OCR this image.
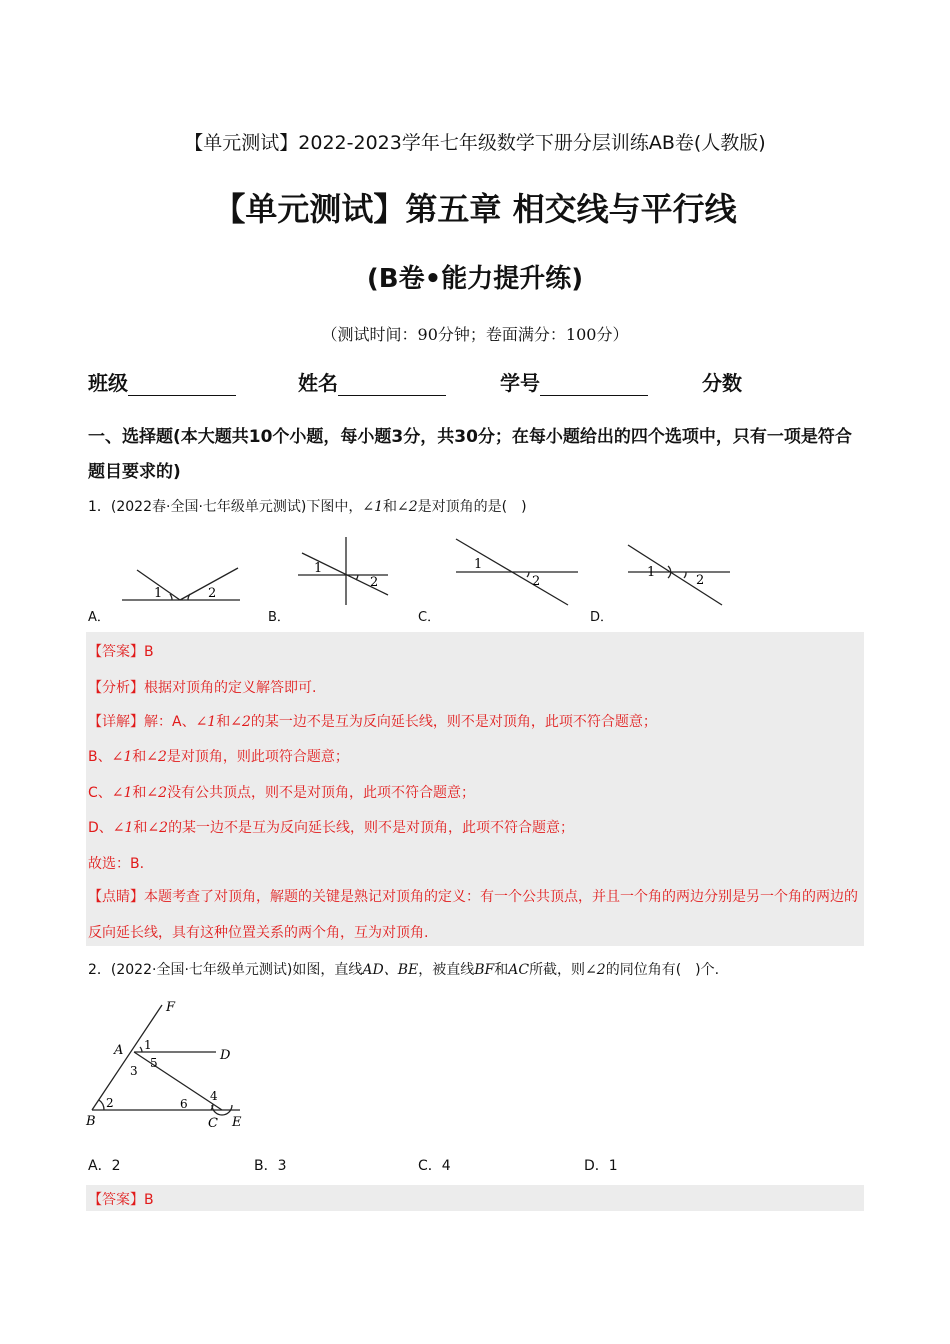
【单元测试】2022-2023学年七年级数学下册分层训练AB卷(人教版)
【单元测试】第五章 相交线与平行线
(B卷•能力提升练)
（测试时间：90分钟；卷面满分：100分）
班级	姓名	学号	分数
一、选择题(本大题共10个小题，每小题3分，共30分；在每小题给出的四个选项中，只有一项是符合题目要求的)
1．(2022春·全国·七年级单元测试)下图中，∠1和∠2是对顶角的是(　)
1	2
1
2
1
2
1
2
A．	B．	C．	D．
【答案】B
【分析】根据对顶角的定义解答即可.
【详解】解：A、∠1和∠2的某一边不是互为反向延长线，则不是对顶角，此项不符合题意；
B、∠1和∠2是对顶角，则此项符合题意；
C、∠1和∠2没有公共顶点，则不是对顶角，此项不符合题意；
D、∠1和∠2的某一边不是互为反向延长线，则不是对顶角，此项不符合题意；
故选：B.
【点睛】本题考查了对顶角，解题的关键是熟记对顶角的定义：有一个公共顶点，并且一个角的两边分别是另一个角的两边的反向延长线，具有这种位置关系的两个角，互为对顶角.
2．(2022·全国·七年级单元测试)如图，直线AD、BE，被直线BF和AC所截，则∠2的同位角有(　)个.
F
A	D
B	C E
1
2
3
4
5
6
A．2	B．3	C．4	D．1
【答案】B
